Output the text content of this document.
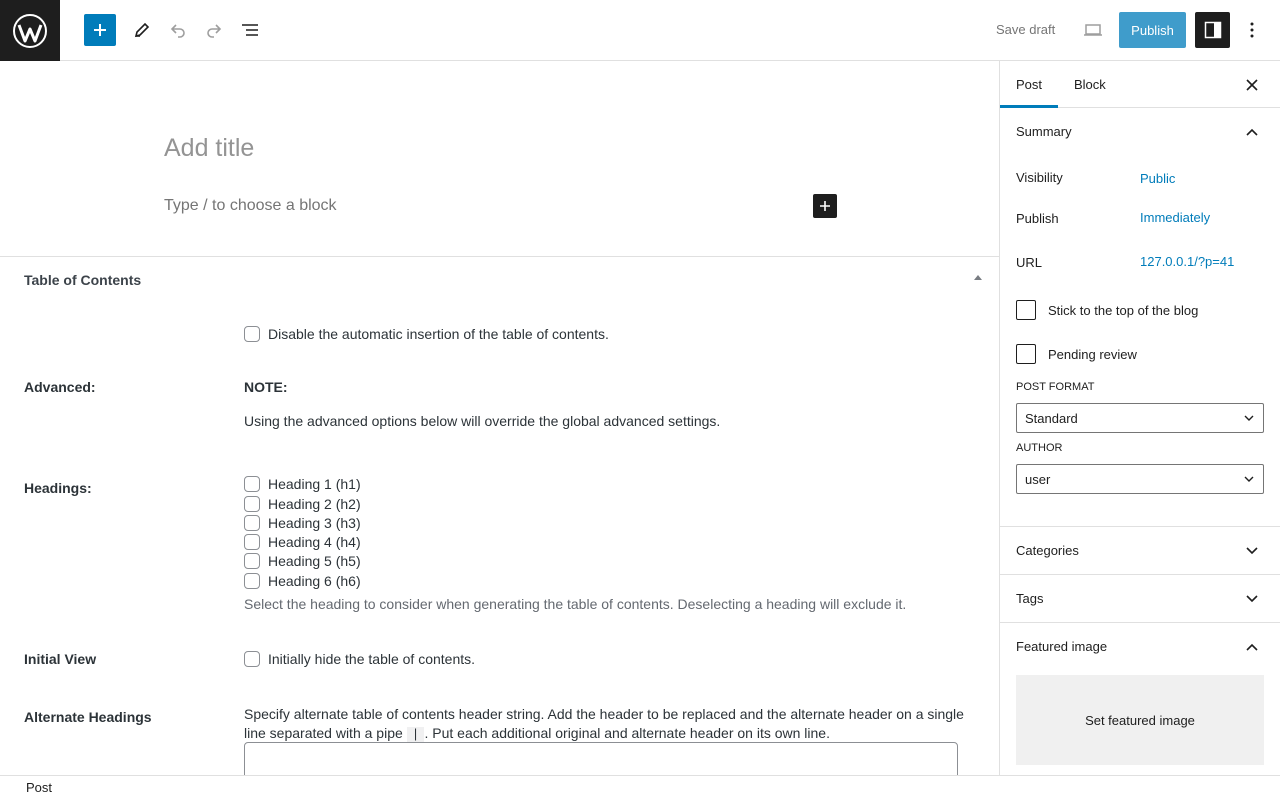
Save draft	Publish
Add title
Type / to choose a block
Table of Contents
Disable the automatic insertion of the table of contents.
Advanced:	NOTE:
Using the advanced options below will override the global advanced settings.
Headings:	Heading 1 (h1)
Heading 2 (h2)
Heading 3 (h3)
Heading 4 (h4)
Heading 5 (h5)
Heading 6 (h6)
Select the heading to consider when generating the table of contents. Deselecting a heading will exclude it.
Initial View	Initially hide the table of contents.
Alternate Headings	Specify alternate table of contents header string. Add the header to be replaced and the alternate header on a single line separated with a pipe | . Put each additional original and alternate header on its own line.
Post	Block
Summary
Visibility	Public
Publish	Immediately
URL	127.0.0.1/?p=41
Stick to the top of the blog
Pending review
POST FORMAT
Standard
AUTHOR
user
Categories
Tags
Featured image
Set featured image
Post
